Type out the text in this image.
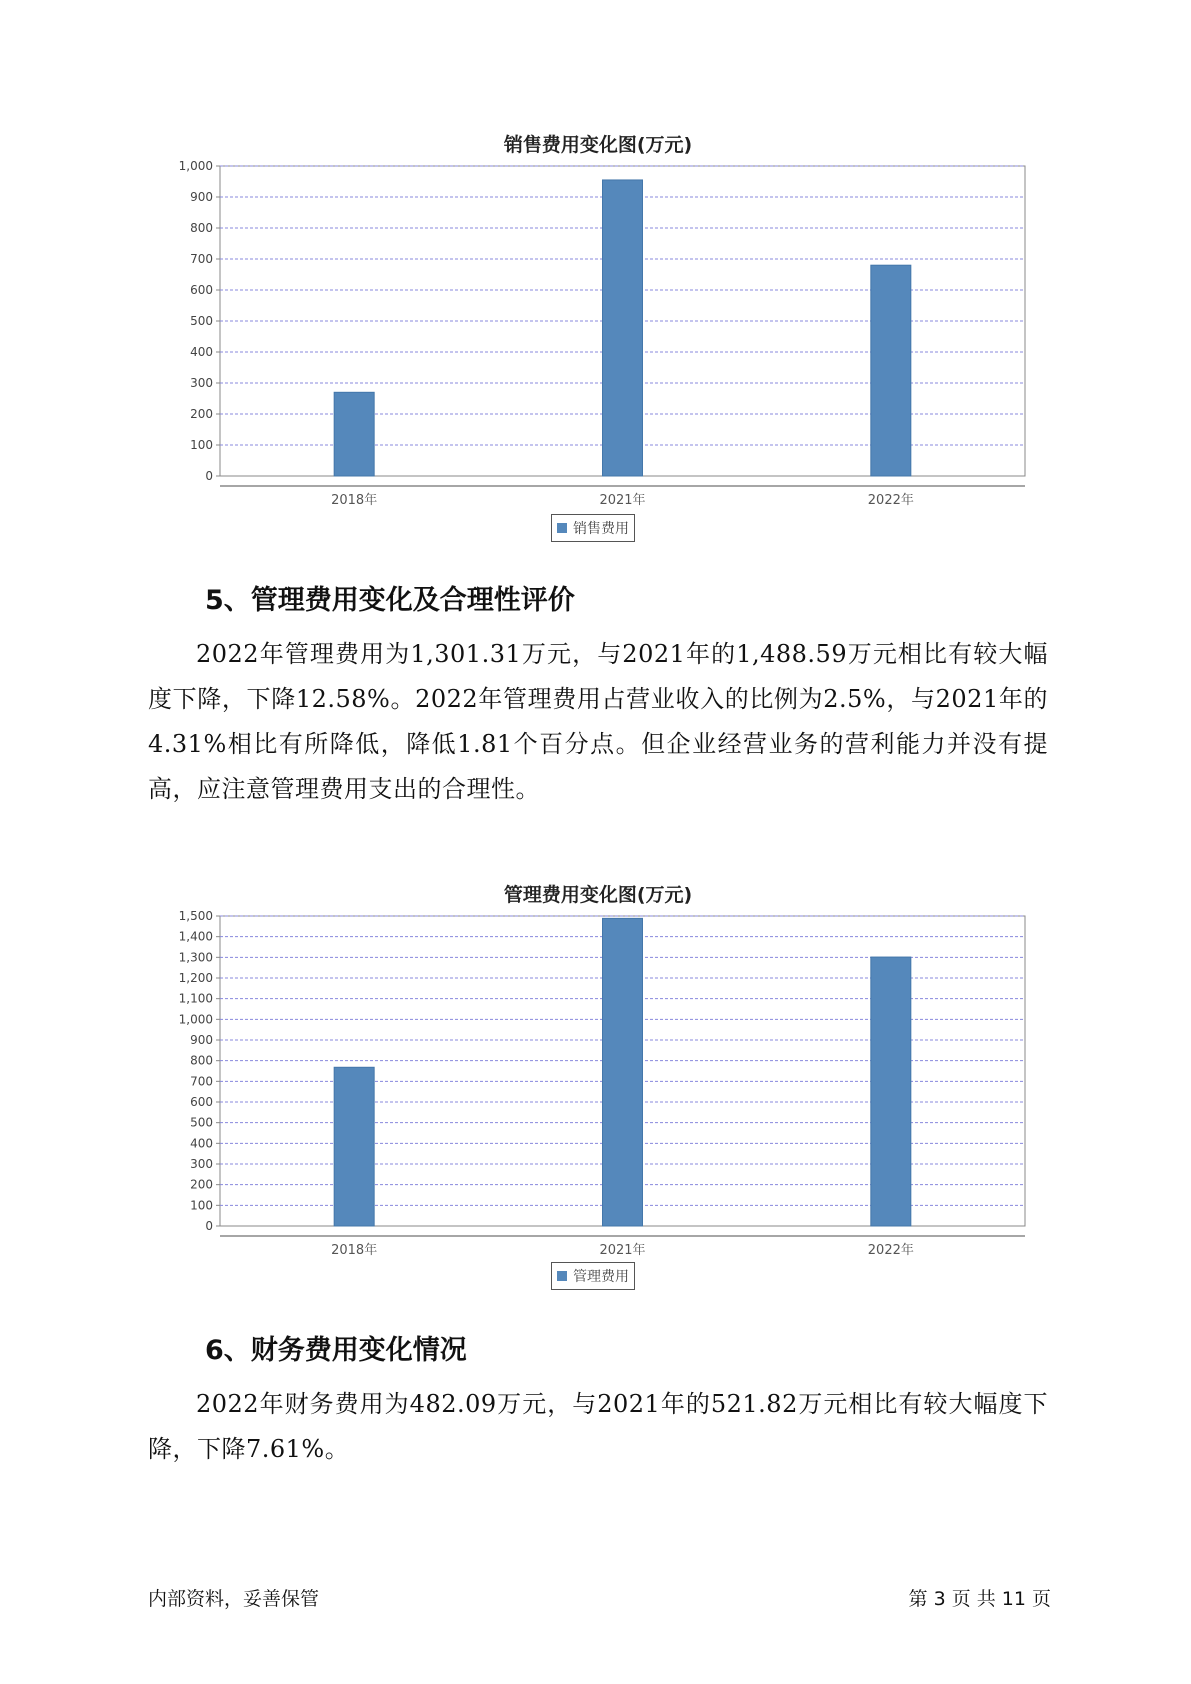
销售费用变化图(万元)
0
100
200
300
400
500
600
700
800
900
1,000
2018年	2021年	2022年
销售费用
5、管理费用变化及合理性评价

2022年管理费用为1,301.31万元，与2021年的1,488.59万元相比有较大幅度下降，下降12.58%。2022年管理费用占营业收入的比例为2.5%，与2021年的4.31%相比有所降低，降低1.81个百分点。但企业经营业务的营利能力并没有提高，应注意管理费用支出的合理性。

管理费用变化图(万元)
0
100
200
300
400
500
600
700
800
900
1,000
1,100
1,200
1,300
1,400
1,500
2018年	2021年	2022年
管理费用
6、财务费用变化情况

2022年财务费用为482.09万元，与2021年的521.82万元相比有较大幅度下降，下降7.61%。

内部资料，妥善保管	第 3 页 共 11 页
